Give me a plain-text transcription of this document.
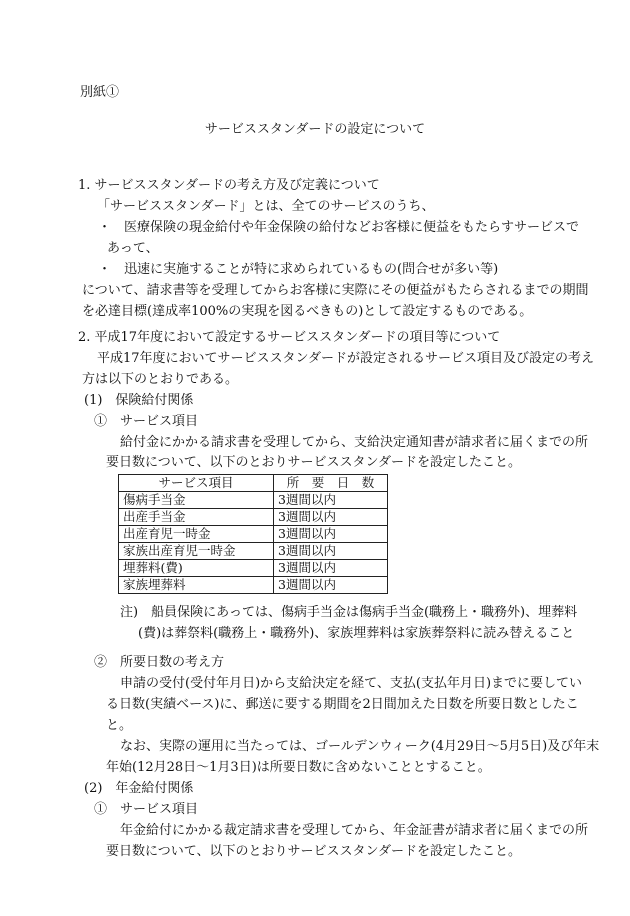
別紙①
サービススタンダードの設定について
1. サービススタンダードの考え方及び定義について
「サービススタンダード」とは、全てのサービスのうち、
・　医療保険の現金給付や年金保険の給付などお客様に便益をもたらすサービスで
あって、
・　迅速に実施することが特に求められているもの(問合せが多い等)
について、請求書等を受理してからお客様に実際にその便益がもたらされるまでの期間
を必達目標(達成率100%の実現を図るべきもの)として設定するものである。
2. 平成17年度において設定するサービススタンダードの項目等について
平成17年度においてサービススタンダードが設定されるサービス項目及び設定の考え
方は以下のとおりである。
(1)　保険給付関係
①　サービス項目
給付金にかかる請求書を受理してから、支給決定通知書が請求者に届くまでの所
要日数について、以下のとおりサービススタンダードを設定したこと。
サービス項目	所　要　日　数
傷病手当金	3週間以内
出産手当金	3週間以内
出産育児一時金	3週間以内
家族出産育児一時金	3週間以内
埋葬料(費)	3週間以内
家族埋葬料	3週間以内
注)　船員保険にあっては、傷病手当金は傷病手当金(職務上・職務外)、埋葬料
(費)は葬祭料(職務上・職務外)、家族埋葬料は家族葬祭料に読み替えること
②　所要日数の考え方
申請の受付(受付年月日)から支給決定を経て、支払(支払年月日)までに要してい
る日数(実績ベース)に、郵送に要する期間を2日間加えた日数を所要日数としたこ
と。
なお、実際の運用に当たっては、ゴールデンウィーク(4月29日～5月5日)及び年末
年始(12月28日～1月3日)は所要日数に含めないこととすること。
(2)　年金給付関係
①　サービス項目
年金給付にかかる裁定請求書を受理してから、年金証書が請求者に届くまでの所
要日数について、以下のとおりサービススタンダードを設定したこと。
